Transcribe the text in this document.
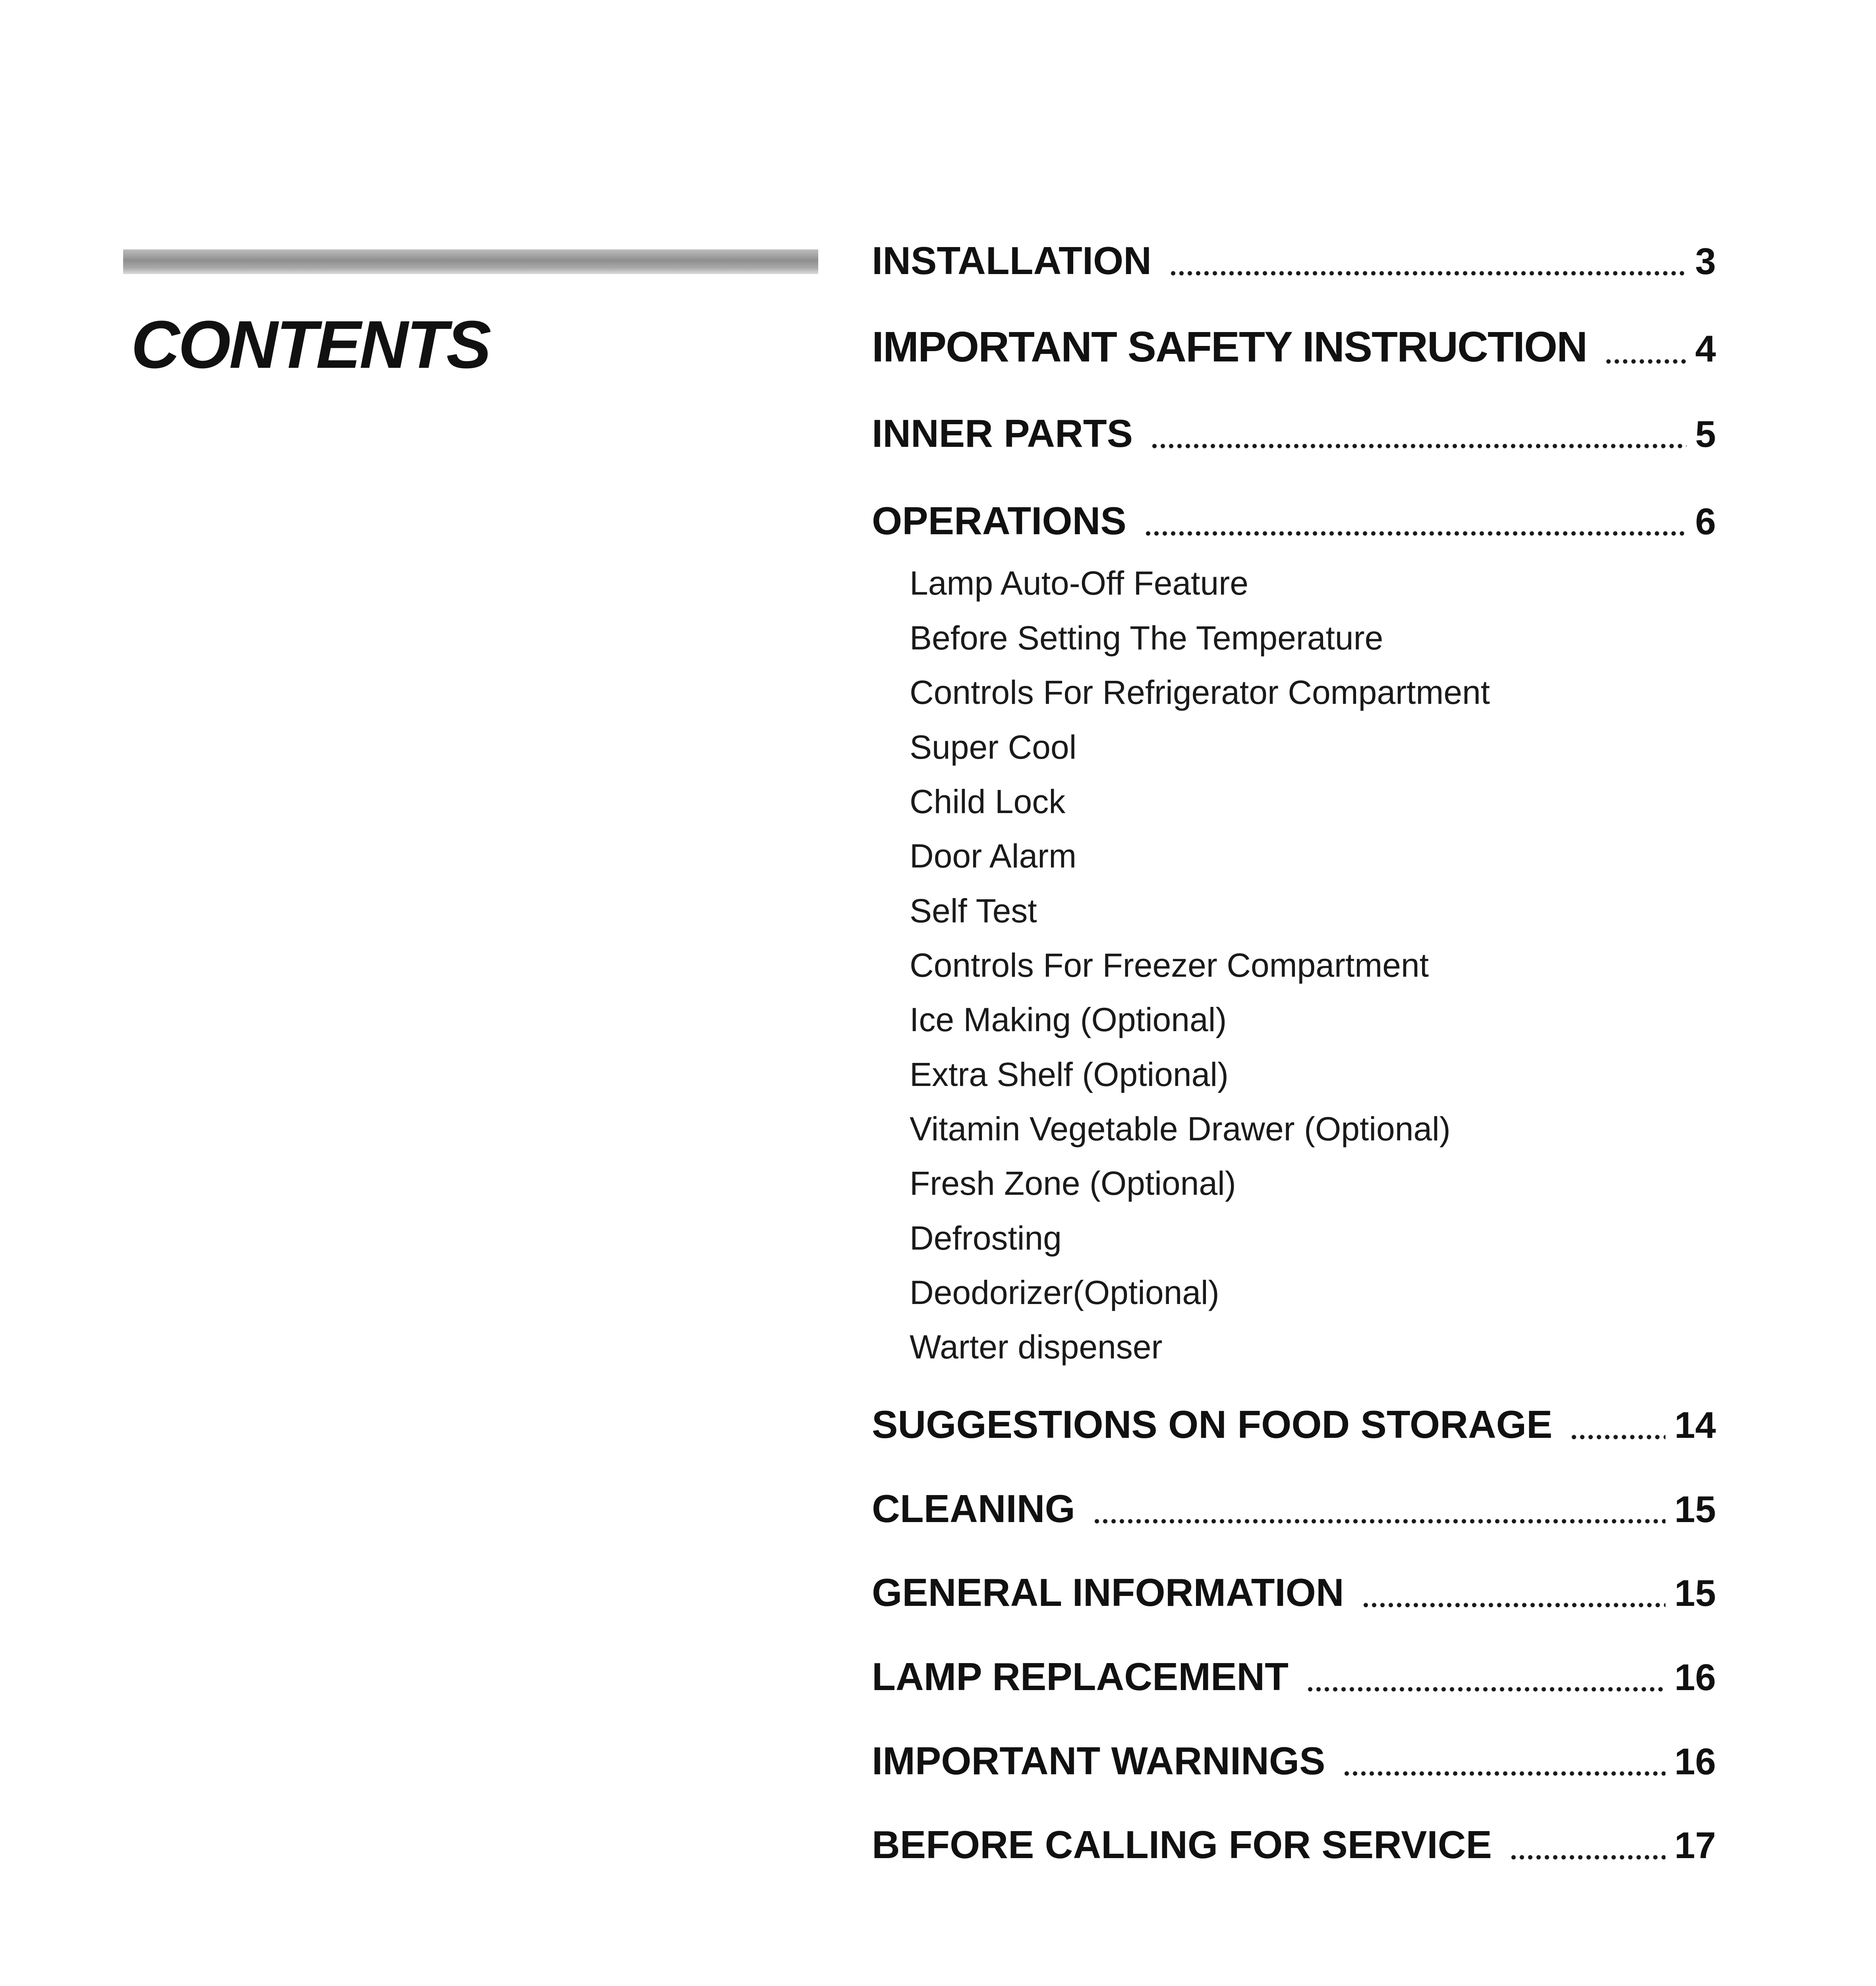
CONTENTS
INSTALLATION	3
IMPORTANT SAFETY INSTRUCTION	4
INNER PARTS	5
OPERATIONS	6
Lamp Auto-Off Feature
Before Setting The Temperature
Controls For Refrigerator Compartment
Super Cool
Child Lock
Door Alarm
Self Test
Controls For Freezer Compartment
Ice Making (Optional)
Extra Shelf (Optional)
Vitamin Vegetable Drawer (Optional)
Fresh Zone (Optional)
Defrosting
Deodorizer(Optional)
Warter dispenser
SUGGESTIONS ON FOOD STORAGE	14
CLEANING	15
GENERAL INFORMATION	15
LAMP REPLACEMENT	16
IMPORTANT WARNINGS	16
BEFORE CALLING FOR SERVICE	17
